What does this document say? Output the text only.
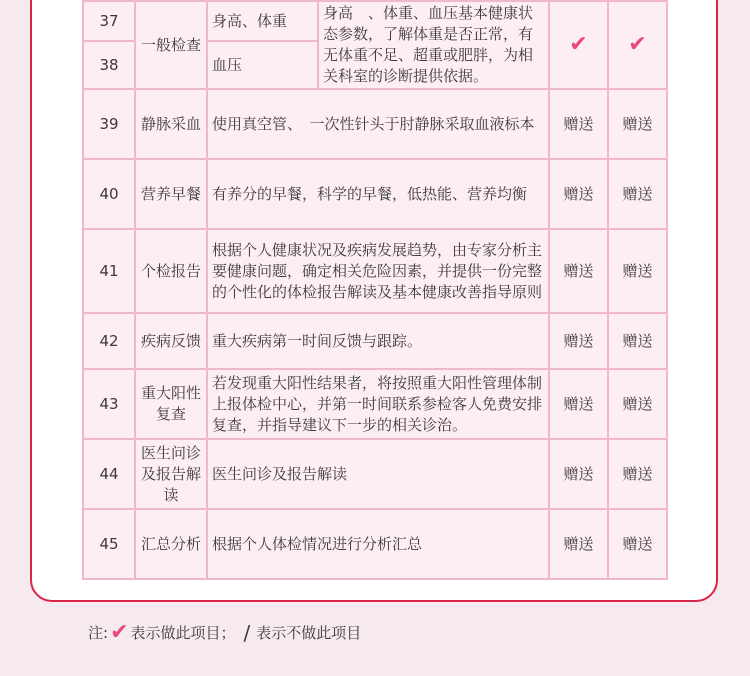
37	一般检查	身高、体重	身高　、体重、血压基本健康状态参数，了解体重是否正常，有无体重不足、超重或肥胖，为相关科室的诊断提供依据。	✔	✔
38		血压			
39	静脉采血	使用真空管、　一次性针头于肘静脉采取血液标本		赠送	赠送
40	营养早餐	有养分的早餐，科学的早餐，低热能、营养均衡		赠送	赠送
41	个检报告	根据个人健康状况及疾病发展趋势，由专家分析主要健康问题，确定相关危险因素，并提供一份完整的个性化的体检报告解读及基本健康改善指导原则		赠送	赠送
42	疾病反馈	重大疾病第一时间反馈与跟踪。		赠送	赠送
43	重大阳性复查	若发现重大阳性结果者，将按照重大阳性管理体制上报体检中心，并第一时间联系参检客人免费安排复查，并指导建议下一步的相关诊治。		赠送	赠送
44	医生问诊及报告解读	医生问诊及报告解读		赠送	赠送
45	汇总分析	根据个人体检情况进行分析汇总		赠送	赠送
注: ✔ 表示做此项目； / 表示不做此项目
